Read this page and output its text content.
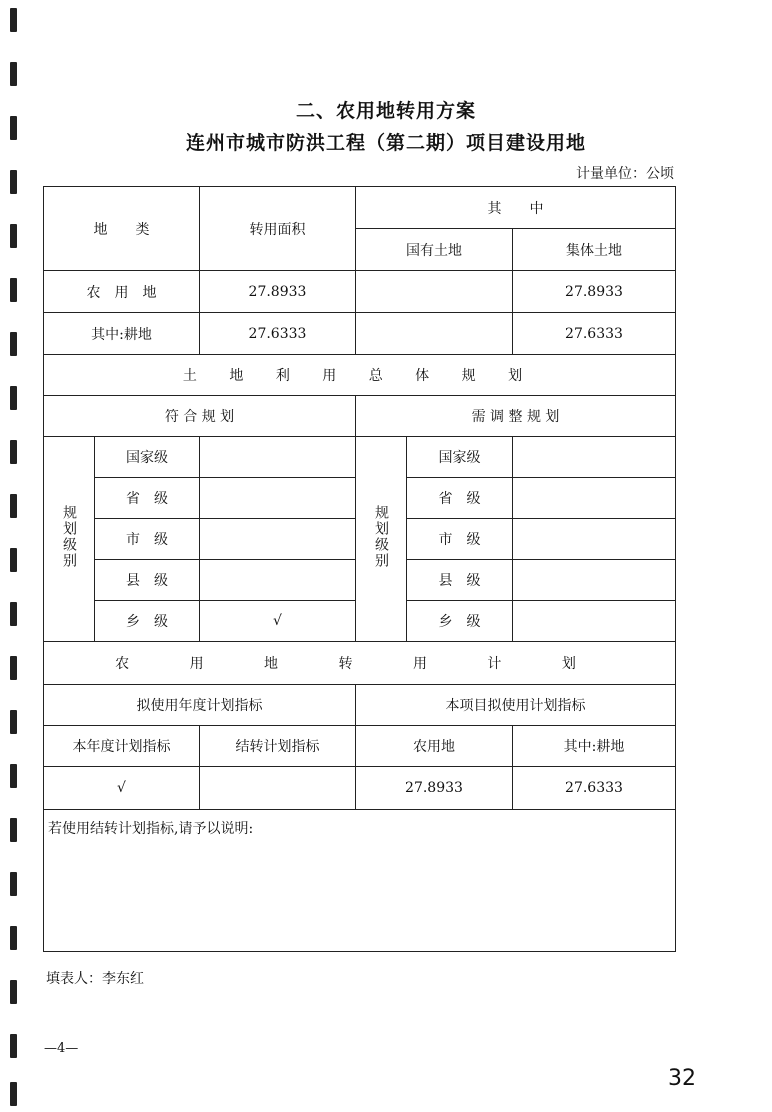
二、农用地转用方案
连州市城市防洪工程（第二期）项目建设用地
计量单位：公顷
地　　类		转用面积	其　　中		
			国有土地		集体土地
农　用　地		27.8933			27.8933
其中:耕地		27.6333			27.6333
土 地 利 用 总 体 规 划					
符 合 规 划			需 调 整 规 划		
规划级别	国家级		规划级别	国家级	
	省　级			省　级	
	市　级			市　级	
	县　级			县　级	
	乡　级	√		乡　级	
农 用 地 转 用 计 划					
拟使用年度计划指标			本项目拟使用计划指标		
本年度计划指标		结转计划指标	农用地		其中:耕地
√			27.8933		27.6333
若使用结转计划指标,请予以说明:					
填表人：李东红
—4—
32
